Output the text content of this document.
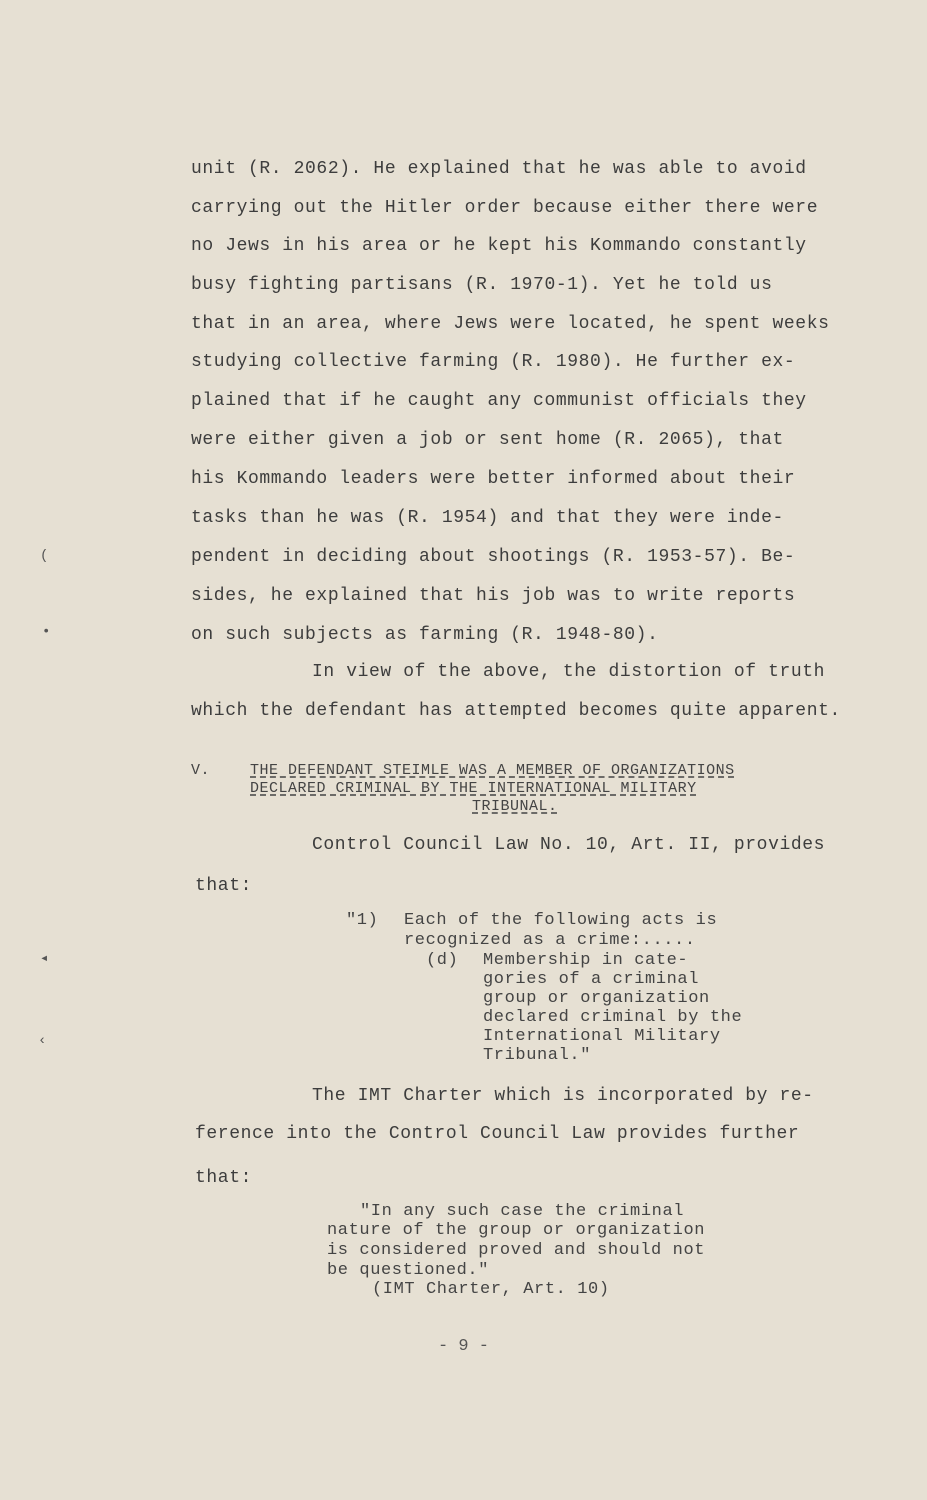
unit (R. 2062). He explained that he was able to avoid
carrying out the Hitler order because either there were
no Jews in his area or he kept his Kommando constantly
busy fighting partisans (R. 1970-1). Yet he told us
that in an area, where Jews were located, he spent weeks
studying collective farming (R. 1980). He further ex-
plained that if he caught any communist officials they
were either given a job or sent home (R. 2065), that
his Kommando leaders were better informed about their
tasks than he was (R. 1954) and that they were inde-
pendent in deciding about shootings (R. 1953-57). Be-
sides, he explained that his job was to write reports
on such subjects as farming (R. 1948-80).
In view of the above, the distortion of truth
which the defendant has attempted becomes quite apparent.
V.	THE DEFENDANT STEIMLE WAS A MEMBER OF ORGANIZATIONS
DECLARED CRIMINAL BY THE INTERNATIONAL MILITARY
TRIBUNAL.
Control Council Law No. 10, Art. II, provides
that:
"1) Each of the following acts is
recognized as a crime:.....
(d) Membership in cate-
gories of a criminal
group or organization
declared criminal by the
International Military
Tribunal."
The IMT Charter which is incorporated by re-
ference into the Control Council Law provides further
that:
"In any such case the criminal
nature of the group or organization
is considered proved and should not
be questioned."
(IMT Charter, Art. 10)
- 9 -
(
•
◂
‹
